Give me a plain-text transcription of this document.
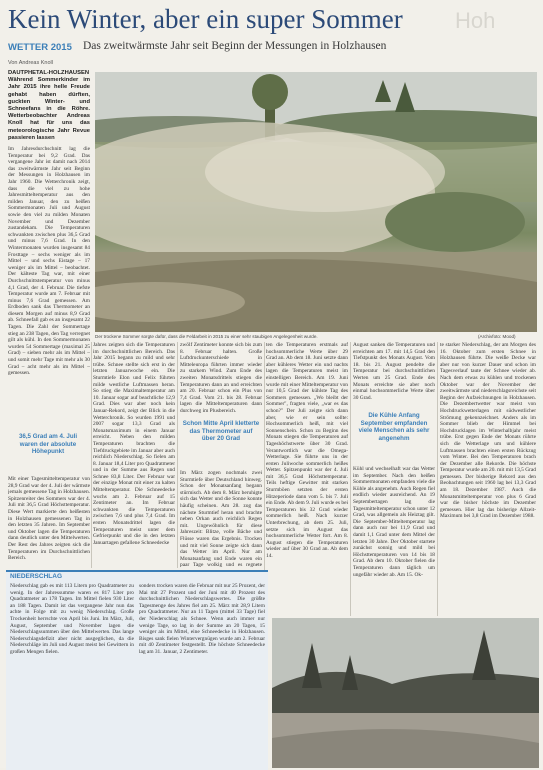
Kein Winter, aber ein super Sommer Hoh
WETTER 2015 Das zweitwärmste Jahr seit Beginn der Messungen in Holzhausen
Von Andreas Knoll
DAUTPHETAL-HOLZHAUSEN Während Sommerkinder im Jahr 2015 ihre helle Freude gehabt haben dürften, guckten Winter- und Schneefans in die Röhre. Wetterbeobachter Andreas Knoll hat für uns das meteorologische Jahr Revue passieren lassen
Im Jahresdurchschnitt lag die Temperatur bei 9,2 Grad. Das vergangene Jahr ist damit nach 2014 das zweitwärmste Jahr seit Beginn der Messungen in Holzhausen im Jahr 1960. Die Wetterchronik zeigt, dass die viel zu hohe Jahresmitteltemperatur aus den milden Januar, den zu heißen Sommermonaten Juli und August sowie den viel zu milden Monaten November und Dezember zustandekam. Die Temperaturen schwankten zwischen plus 36,5 Grad und minus 7,6 Grad. In den Wintermonaten wurden insgesamt 84 Frosttage – sechs weniger als im Mittel – und sechs Eistage – 17 weniger als im Mittel – beobachtet. Der kälteste Tag war, mit einer Durchschnittstemperatur von minus 4,1 Grad, der 4. Februar. Die tiefste Temperatur wurde am 7. Februar mit minus 7,6 Grad gemessen. Am Erdboden sank das Thermometer an diesem Morgen auf minus 8,9 Grad ab. Schneefall gab es an insgesamt 22 Tagen. Die Zahl der Sommertage stieg an 238 Tagen, den Tag verregnet gilt als kühl. In den Sommermonaten wurden 54 Sommertage (maximal 25 Grad) – sieben mehr als im Mittel – und somit mehr Tage mit mehr als 30 Grad – acht mehr als im Mittel – gemessen.
36,5 Grad am 4. Juli waren der absolute Höhepunkt
Mit einer Tagesmitteltemperatur von 28,9 Grad war der 4. Juli der wärmste jemals gemessene Tag in Holzhausen. Spitzenreiter des Sommers war der 4. Juli mit 36,5 Grad Höchsttemperatur. Diese Wert markierte den heißesten in Holzhausen gemessenen Tag in den letzten 35 Jahren. Im September und Oktober lagen die Temperaturen dann deutlich unter den Mittelwerten. Der Rest des Jahres zeigten sich die Temperaturen im Durchschnittlichen Bereich.
Der trockene Sommer sorgte dafür, dass die Feldarbeit in 2015 zu einer sehr staubigen Angelegenheit wurde.	(Archivfoto: Mood)
Jahres zeigten sich die Temperaturen im durchschnittlichen Bereich. Das Jahr 2015 begann zu mild und sehr trübe. Schnee stellte sich erst in der letzten Januarwoche ein. Die Sturmtiefe Elon und Felix führten milde westliche Luftmassen heran. So stieg die Maximaltemperatur am 10. Januar sogar auf beachtliche 12,9 Grad. Dies war aber noch kein Januar-Rekord, zeigt der Blick in die Wetterchronik. So wurden 1991 und 2007 sogar 13,3 Grad als Monatsmaximum in einem Januar erreicht. Neben den milden Temperaturen brachten die Tiefdruckgebiete im Januar aber auch reichlich Niederschlag. So fielen am 8. Januar 18,4 Liter pro Quadratmeter und in der Summe aus Regen und Schnee 83,8 Liter. Der Februar war der einzige Monat mit einer zu kalten Mitteltemperatur. Die Schneedecke wuchs am 2. Februar auf 15 Zentimeter an. Im Februar schwankten die Temperaturen zwischen 7,6 und plus 7,4 Grad. Im ersten Monatsdrittel lagen die Temperaturen meist unter dem Gefrierpunkt und die in den letzten Januartagen gefallene Schneedecke
zwölf Zentimeter konnte sich bis zum 8. Februar halten. Große Luftdruckunterschiede in Mitteleuropa führten immer wieder zu starkem Wind. Zum Ende des zweiten Monatsdrittels stiegen die Temperaturen dann an und erreichten am 20. Februar schon ein Plus von 7,4 Grad. Vom 21. bis 28. Februar lagen die Mitteltemperaturen dann durchweg im Plusbereich.
Schon Mitte April kletterte das Thermometer auf über 20 Grad
Im März zogen nochmals zwei Sturmtiefe über Deutschland hinweg. Schon der Monatsanfang begann stürmisch. Ab dem 8. März beruhigte sich das Wetter und die Sonne konnte häufig scheinen. Am 28. zog das nächste Sturmtief heran und brachte neben Orkan auch reichlich Regen mit. Ungewöhnlich für diese Jahreszeit: Blitze, volle Bäche und Flüsse waren das Ergebnis. Trocken und mit viel Sonne zeigte sich dann das Wetter im April. Nur am Monatsanfang und Ende waren ein paar Tage wolkig und es regnete
ten die Temperaturen erstmals auf hochsommerliche Werte über 29 Grad an. Ab dem 18. Juni setzte dann aber kühleres Wetter ein und nachts lagen die Temperaturen meist im einstelligen Bereich. Am 19. Juni wurde mit einer Mitteltemperatur von nur 10,5 Grad der kühlste Tag des Sommers gemessen. „Wo bleibt der Sommer", fragten viele, „war es das schon?" Der Juli zeigte sich dann aber, wie er sein sollte: Hochsommerlich heiß, mit viel Sonnenschein. Schon zu Beginn des Monats stiegen die Temperaturen auf Tageshöchstwerte über 30 Grad. Verantwortlich war die Omega-Wetterlage. Sie führte uns in der ersten Juliwoche sommerlich heißes Wetter. Spitzenpunkt war der 4. Juli mit 36,5 Grad Höchsttemperatur. Teils heftige Gewitter mit starken Sturmböen setzten der ersten Hitzeperiode dann vom 5. bis 7. Juli ein Ende. Ab dem 9. Juli wurde es bei Temperaturen bis 32 Grad wieder sommerlich heiß. Nach kurzer Unterbrechung, ab dem 25. Juli, setzte sich im August das hochsommerliche Wetter fort. Am 8. August stiegen die Temperaturen wieder auf über 30 Grad an. Ab dem 14.
August sanken die Temperaturen und erreichten am 17. mit 14,5 Grad den Tiefstpunkt des Monats August. Vom 18. bis 21. August pendelte die Temperatur bei durchschnittlichen Werten um 25 Grad. Ende des Monats erreichte sie aber noch einmal hochsommerliche Werte über 30 Grad.
Die Kühle Anfang September empfanden viele Menschen als sehr angenehm
Kühl und wechselhaft war das Wetter im September. Nach den heißen Sommermonaten empfanden viele die Kühle als angenehm. Auch Regen fiel endlich wieder ausreichend. An 19 Septembertagen lag die Tagesmitteltemperatur schon unter 12 Grad, was allgemein als Heiztag gilt. Die September-Mitteltemperatur lag dann auch nur bei 11,9 Grad und damit 1,1 Grad unter dem Mittel der letzten 30 Jahre. Der Oktober startete zunächst sonnig und mild bei Höchsttemperaturen von 14 bis 18 Grad. Ab dem 10. Oktober fielen die Temperaturen dann täglich um ungefähr wieder ab. Am 15. Ok-
te starker Niederschlag, der am Morgen des 16. Oktober zum ersten Schnee in Holzhausen führte. Die weiße Decke war aber nur von kurzer Dauer und schon im Tagesverlauf taute der Schnee wieder ab. Nach dem etwas zu kühlen und trockenen Oktober war der November der zweitwärmste und niederschlagsreichste seit Beginn der Aufzeichnungen in Holzhausen. Die Dezembertwetter war meist von Hochdruckwetterlagen mit südwestlicher Strömung gekennzeichnet. Anders als im Sommer blieb der Himmel bei Hochdrucklagen im Winterhalbjahr meist trübe. Erst gegen Ende der Monats rührte sich die Wetterlage um und kühlere Luftmassen brachten einen ersten Rückzug vom Winter. Bei den Temperaturen brach der Dezember alle Rekorde. Die höchste Temperatur wurde am 20. mit mit 13,5 Grad gemessen. Der bisherige Rekord aus den Beobachtungen seit 1960 lag bei 13,3 Grad am 18. Dezember 1987. Auch die Monatsmitteltemperatur von plus 6 Grad war die bisher höchste im Dezember gemessen. Hier lag das bisherige Allzeit-Maximum bei 3,8 Grad im Dezember 1988.
NIEDERSCHLAG
Niederschlag gab es mit 113 Litern pro Quadratmeter zu wenig. In der Jahressumme waren es 817 Liter pro Quadratmeter an 178 Tagen. Im Mittel fielen 930 Liter an 188 Tagen. Damit ist das vergangene Jahr nun das achte in Folge mit zu wenig Niederschlag. Große Trockenheit herrschte von April bis Juni. Im März, Juli, August, September und November lagen die Niederschlagssummen über den Mittelwerten. Das lange Niederschlagsdefizit aber nicht ausgeglichen, da die Niederschläge im Juli und August meist bei Gewittern in großen Mengen fielen.
sonders trocken waren die Februar mit nur 25 Prozent, der Mai mit 27 Prozent und der Juni mit 40 Prozent des durchschnittlichen Niederschlagswertes. Die größte Tagesmenge des Jahres fiel am 25. März mit 28,9 Litern pro Quadratmeter. Nur an 11 Tagen (mittel 33 Tage) fiel der Niederschlag als Schnee. Wenn auch immer nur wenige Tage, so lag in der Summe an 20 Tagen, 15 weniger als im Mittel, eine Schneedecke in Holzhausen. Bisges sank fielen Wintervergnügen wurde am 2. Februar mit 40 Zentimeter festgestellt. Die höchste Schneedecke lag am 31. Januar, 2 Zentimeter.
